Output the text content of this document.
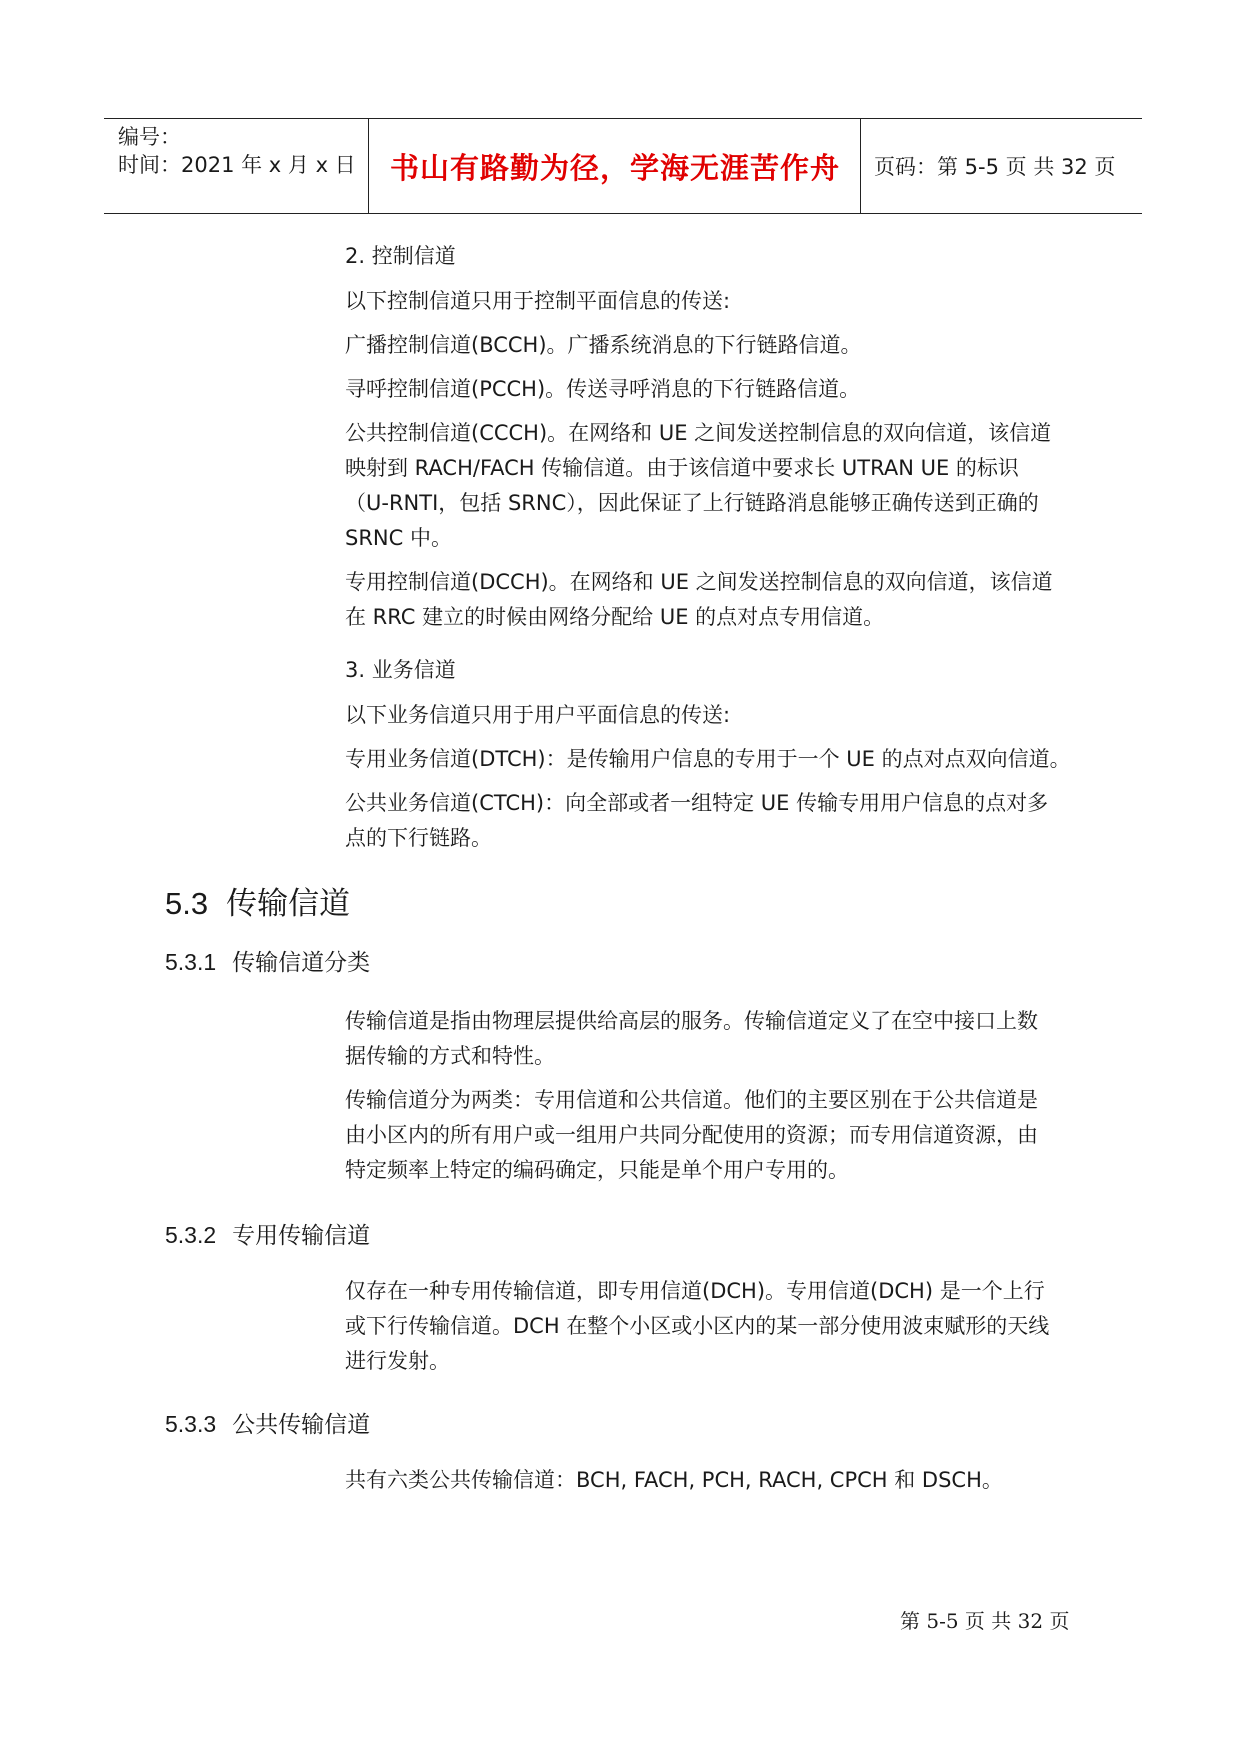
编号：
时间：2021 年 x 月 x 日	书山有路勤为径，学海无涯苦作舟	页码：第 5-5 页 共 32 页
2. 控制信道
以下控制信道只用于控制平面信息的传送:
广播控制信道(BCCH)。广播系统消息的下行链路信道。
寻呼控制信道(PCCH)。传送寻呼消息的下行链路信道。
公共控制信道(CCCH)。在网络和 UE 之间发送控制信息的双向信道，该信道
映射到 RACH/FACH 传输信道。由于该信道中要求长 UTRAN UE 的标识
（U-RNTI，包括 SRNC），因此保证了上行链路消息能够正确传送到正确的
SRNC 中。
专用控制信道(DCCH)。在网络和 UE 之间发送控制信息的双向信道，该信道
在 RRC 建立的时候由网络分配给 UE 的点对点专用信道。
3. 业务信道
以下业务信道只用于用户平面信息的传送:
专用业务信道(DTCH)：是传输用户信息的专用于一个 UE 的点对点双向信道。
公共业务信道(CTCH)：向全部或者一组特定 UE 传输专用用户信息的点对多
点的下行链路。
5.3 传输信道
5.3.1 传输信道分类
传输信道是指由物理层提供给高层的服务。传输信道定义了在空中接口上数
据传输的方式和特性。
传输信道分为两类：专用信道和公共信道。他们的主要区别在于公共信道是
由小区内的所有用户或一组用户共同分配使用的资源；而专用信道资源，由
特定频率上特定的编码确定，只能是单个用户专用的。
5.3.2 专用传输信道
仅存在一种专用传输信道，即专用信道(DCH)。专用信道(DCH) 是一个上行
或下行传输信道。DCH 在整个小区或小区内的某一部分使用波束赋形的天线
进行发射。
5.3.3 公共传输信道
共有六类公共传输信道：BCH, FACH, PCH, RACH, CPCH 和 DSCH。
第 5-5 页 共 32 页
